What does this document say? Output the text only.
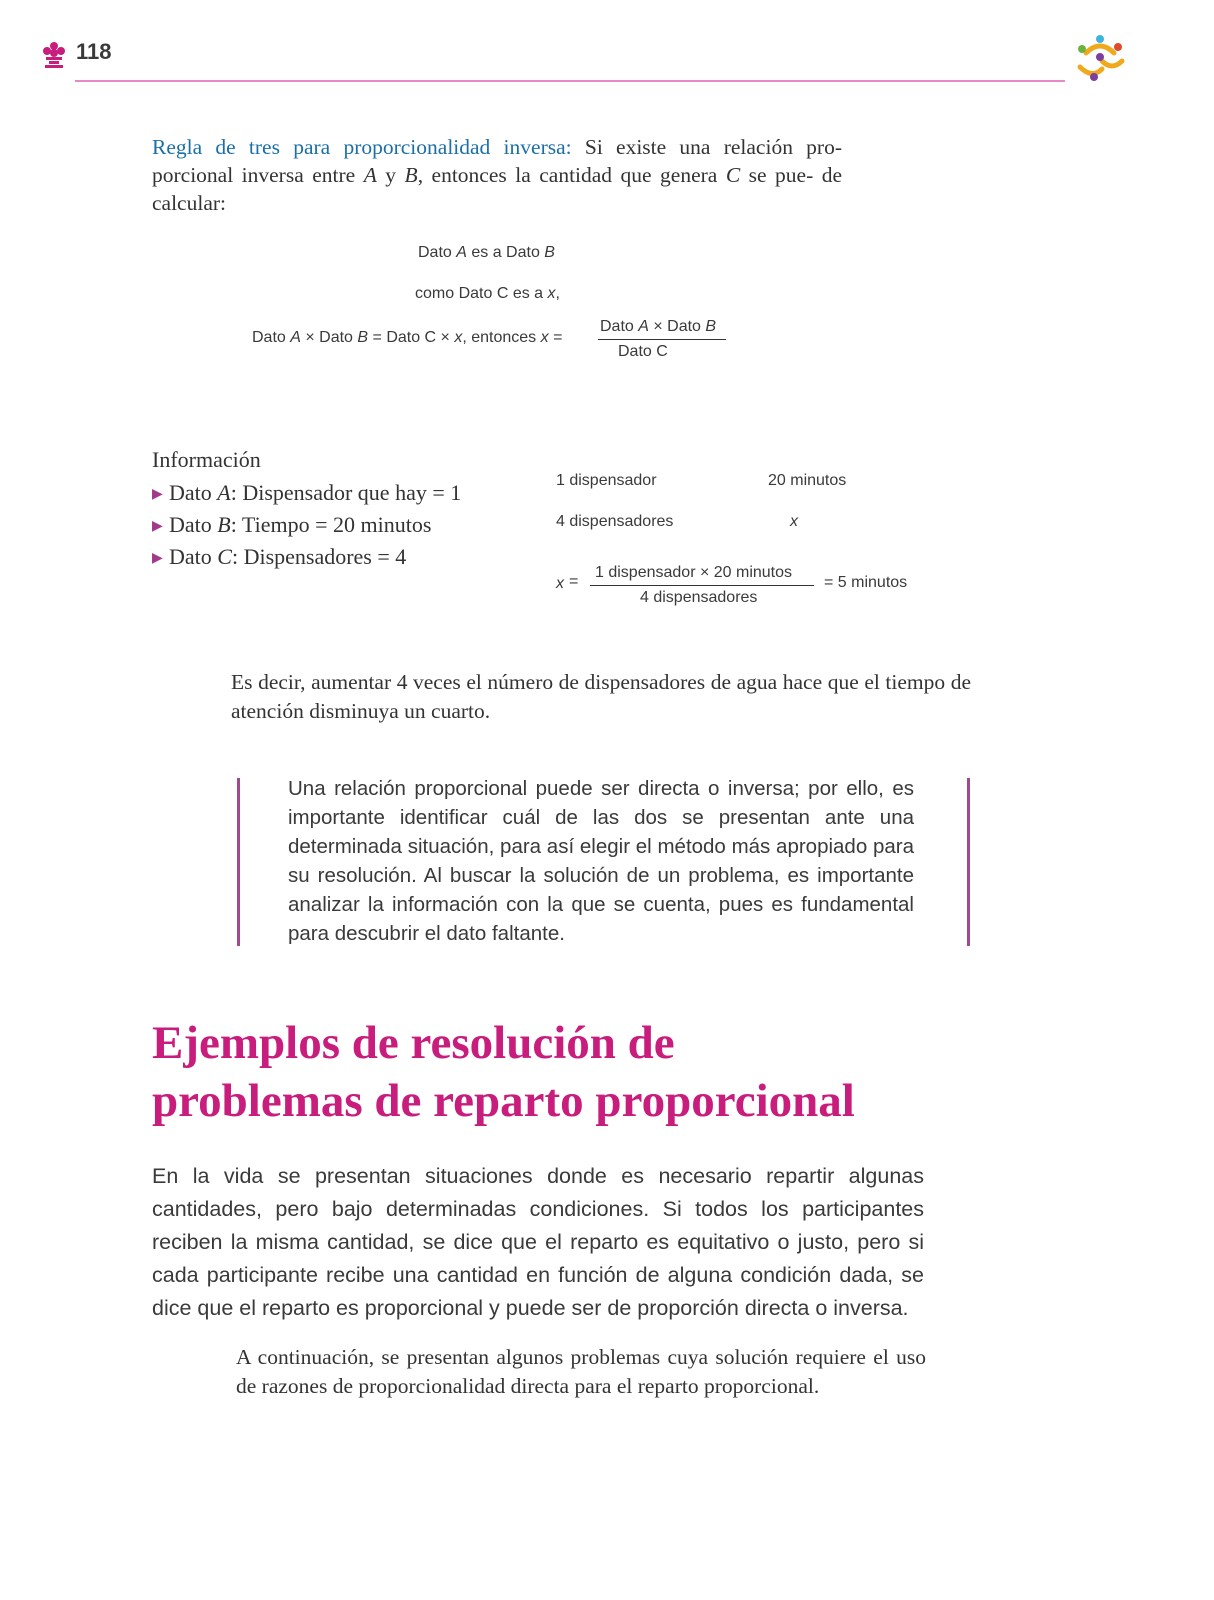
118
Regla de tres para proporcionalidad inversa: Si existe una relación pro- porcional inversa entre A y B, entonces la cantidad que genera C se pue- de calcular:
Dato A es a Dato B
como Dato C es a x,
Dato A × Dato B = Dato C × x, entonces x =
Dato A × Dato B
Dato C
Información
▶ Dato A: Dispensador que hay = 1
▶ Dato B: Tiempo = 20 minutos
▶ Dato C: Dispensadores = 4
1 dispensador	20 minutos
4 dispensadores	x
x =
1 dispensador × 20 minutos
4 dispensadores
= 5 minutos
Es decir, aumentar 4 veces el número de dispensadores de agua hace que el tiempo de atención disminuya un cuarto.
Una relación proporcional puede ser directa o inversa; por ello, es importante identificar cuál de las dos se presentan ante una determinada situación, para así elegir el método más apropiado para su resolución. Al buscar la solución de un problema, es importante analizar la información con la que se cuenta, pues es fundamental para descubrir el dato faltante.
Ejemplos de resolución de
problemas de reparto proporcional
En la vida se presentan situaciones donde es necesario repartir algunas cantidades, pero bajo determinadas condiciones. Si todos los participantes reciben la misma cantidad, se dice que el reparto es equitativo o justo, pero si cada participante recibe una cantidad en función de alguna condición dada, se dice que el reparto es proporcional y puede ser de proporción directa o inversa.
A continuación, se presentan algunos problemas cuya solución requiere el uso de razones de proporcionalidad directa para el reparto proporcional.
